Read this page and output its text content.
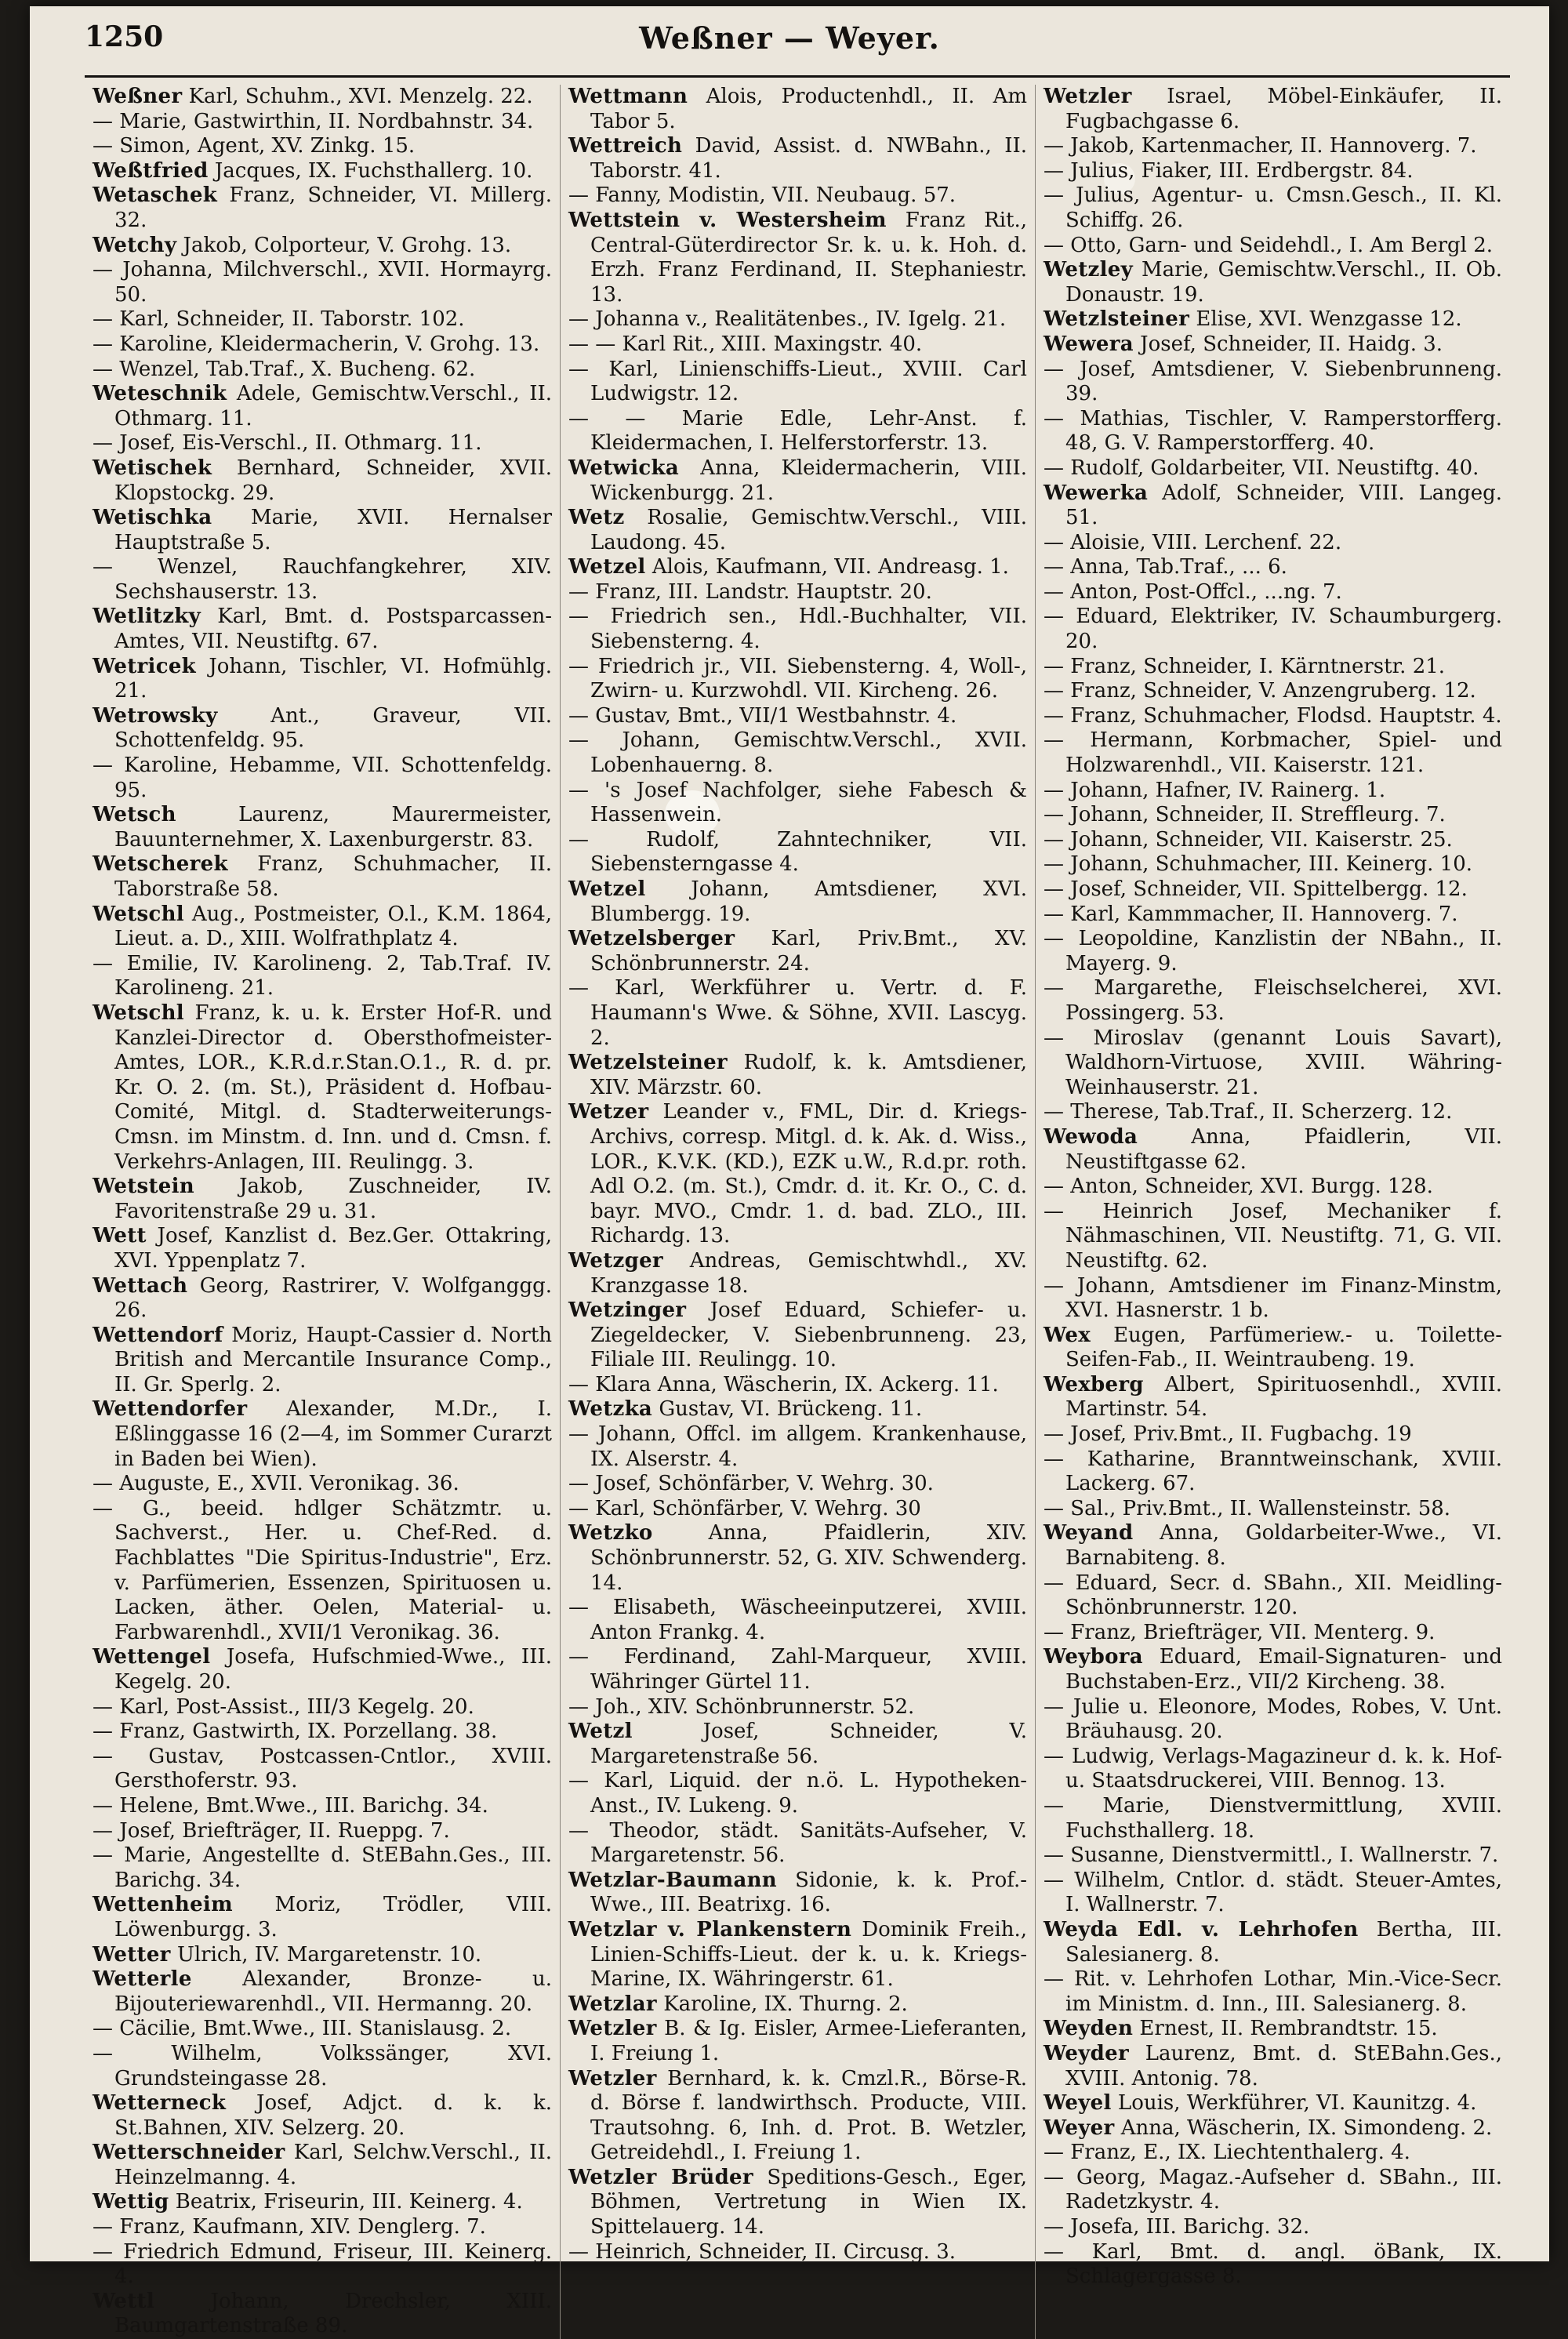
1250	Weßner — Weyer.
Weßner Karl, Schuhm., XVI. Menzelg. 22.
— Marie, Gastwirthin, II. Nordbahnstr. 34.
— Simon, Agent, XV. Zinkg. 15.
Weßtfried Jacques, IX. Fuchsthallerg. 10.
Wetaschek Franz, Schneider, VI. Millerg. 32.
Wetchy Jakob, Colporteur, V. Grohg. 13.
— Johanna, Milchverschl., XVII. Hormayrg. 50.
— Karl, Schneider, II. Taborstr. 102.
— Karoline, Kleidermacherin, V. Grohg. 13.
— Wenzel, Tab.Traf., X. Bucheng. 62.
Weteschnik Adele, Gemischtw.Verschl., II. Othmarg. 11.
— Josef, Eis-Verschl., II. Othmarg. 11.
Wetischek Bernhard, Schneider, XVII. Klopstockg. 29.
Wetischka Marie, XVII. Hernalser Hauptstraße 5.
— Wenzel, Rauchfangkehrer, XIV. Sechshauserstr. 13.
Wetlitzky Karl, Bmt. d. Postsparcassen-Amtes, VII. Neustiftg. 67.
Wetricek Johann, Tischler, VI. Hofmühlg. 21.
Wetrowsky	Ant., Graveur, VII. Schottenfeldg. 95.
— Karoline, Hebamme, VII. Schottenfeldg. 95.
Wetsch	Laurenz, Maurermeister, Bauunternehmer, X. Laxenburgerstr. 83.
Wetscherek Franz, Schuhmacher, II. Taborstraße 58.
Wetschl Aug., Postmeister, O.l., K.M. 1864, Lieut. a. D., XIII. Wolfrathplatz 4.
— Emilie, IV. Karolineng. 2, Tab.Traf. IV. Karolineng. 21.
Wetschl Franz, k. u. k. Erster Hof-R. und Kanzlei-Director d. Obersthofmeister-Amtes, LOR., K.R.d.r.Stan.O.1., R. d. pr. Kr. O. 2. (m. St.), Präsident d. Hofbau-Comité, Mitgl. d. Stadterweiterungs-Cmsn. im Minstm. d. Inn. und d. Cmsn. f. Verkehrs-Anlagen, III. Reulingg. 3.
Wetstein Jakob, Zuschneider, IV. Favoritenstraße 29 u. 31.
Wett Josef, Kanzlist d. Bez.Ger. Ottakring, XVI. Yppenplatz 7.
Wettach Georg, Rastrirer, V. Wolfganggg. 26.
Wettendorf Moriz, Haupt-Cassier d. North British and Mercantile Insurance Comp., II. Gr. Sperlg. 2.
Wettendorfer Alexander, M.Dr., I. Eßlinggasse 16 (2—4, im Sommer Curarzt in Baden bei Wien).
— Auguste, E., XVII. Veronikag. 36.
— G., beeid. hdlger Schätzmtr. u. Sachverst., Her. u. Chef-Red. d. Fachblattes "Die Spiritus-Industrie", Erz. v. Parfümerien, Essenzen, Spirituosen u. Lacken, äther. Oelen, Material- u. Farbwarenhdl., XVII/1 Veronikag. 36.
Wettengel Josefa, Hufschmied-Wwe., III. Kegelg. 20.
— Karl, Post-Assist., III/3 Kegelg. 20.
— Franz, Gastwirth, IX. Porzellang. 38.
— Gustav, Postcassen-Cntlor., XVIII. Gersthoferstr. 93.
— Helene, Bmt.Wwe., III. Barichg. 34.
— Josef, Briefträger, II. Rueppg. 7.
— Marie, Angestellte d. StEBahn.Ges., III. Barichg. 34.
Wettenheim Moriz, Trödler, VIII. Löwenburgg. 3.
Wetter Ulrich, IV. Margaretenstr. 10.
Wetterle Alexander, Bronze- u. Bijouteriewarenhdl., VII. Hermanng. 20.
— Cäcilie, Bmt.Wwe., III. Stanislausg. 2.
— Wilhelm, Volkssänger, XVI. Grundsteingasse 28.
Wetterneck Josef, Adjct. d. k. k. St.Bahnen, XIV. Selzerg. 20.
Wetterschneider Karl, Selchw.Verschl., II. Heinzelmanng. 4.
Wettig Beatrix, Friseurin, III. Keinerg. 4.
— Franz, Kaufmann, XIV. Denglerg. 7.
— Friedrich Edmund, Friseur, III. Keinerg. 4.
Wettl	Johann, Drechsler, XIII. Baumgartenstraße 89.
Wettmann Alois, Productenhdl., II. Am Tabor 5.
Wettreich David, Assist. d. NWBahn., II. Taborstr. 41.
— Fanny, Modistin, VII. Neubaug. 57.
Wettstein v. Westersheim Franz Rit., Central-Güterdirector Sr. k. u. k. Hoh. d. Erzh. Franz Ferdinand, II. Stephaniestr. 13.
— Johanna v., Realitätenbes., IV. Igelg. 21.
— — Karl Rit., XIII. Maxingstr. 40.
— Karl, Linienschiffs-Lieut., XVIII. Carl Ludwigstr. 12.
— — Marie Edle, Lehr-Anst. f. Kleidermachen, I. Helferstorferstr. 13.
Wetwicka Anna, Kleidermacherin, VIII. Wickenburgg. 21.
Wetz Rosalie, Gemischtw.Verschl., VIII. Laudong. 45.
Wetzel Alois, Kaufmann, VII. Andreasg. 1.
— Franz, III. Landstr. Hauptstr. 20.
— Friedrich sen., Hdl.-Buchhalter, VII. Siebensterng. 4.
— Friedrich jr., VII. Siebensterng. 4, Woll-, Zwirn- u. Kurzwohdl. VII. Kircheng. 26.
— Gustav, Bmt., VII/1 Westbahnstr. 4.
— Johann, Gemischtw.Verschl., XVII. Lobenhauerng. 8.
— 's Josef Nachfolger, siehe Fabesch & Hassenwein.
— Rudolf, Zahntechniker, VII. Siebensterngasse 4.
Wetzel Johann, Amtsdiener, XVI. Blumbergg. 19.
Wetzelsberger Karl, Priv.Bmt., XV. Schönbrunnerstr. 24.
— Karl, Werkführer u. Vertr. d. F. Haumann's Wwe. & Söhne, XVII. Lascyg. 2.
Wetzelsteiner Rudolf, k. k. Amtsdiener, XIV. Märzstr. 60.
Wetzer Leander v., FML, Dir. d. Kriegs-Archivs, corresp. Mitgl. d. k. Ak. d. Wiss., LOR., K.V.K. (KD.), EZK u.W., R.d.pr. roth. Adl O.2. (m. St.), Cmdr. d. it. Kr. O., C. d. bayr. MVO., Cmdr. 1. d. bad. ZLO., III. Richardg. 13.
Wetzger Andreas, Gemischtwhdl., XV. Kranzgasse 18.
Wetzinger Josef Eduard, Schiefer- u. Ziegeldecker, V. Siebenbrunneng. 23, Filiale III. Reulingg. 10.
— Klara Anna, Wäscherin, IX. Ackerg. 11.
Wetzka Gustav, VI. Brückeng. 11.
— Johann, Offcl. im allgem. Krankenhause, IX. Alserstr. 4.
— Josef, Schönfärber, V. Wehrg. 30.
— Karl, Schönfärber, V. Wehrg. 30
Wetzko	Anna, Pfaidlerin, XIV. Schönbrunnerstr. 52, G. XIV. Schwenderg. 14.
— Elisabeth, Wäscheeinputzerei, XVIII. Anton Frankg. 4.
— Ferdinand, Zahl-Marqueur, XVIII. Währinger Gürtel 11.
— Joh., XIV. Schönbrunnerstr. 52.
Wetzl	Josef, Schneider, V. Margaretenstraße 56.
— Karl, Liquid. der n.ö. L. Hypotheken-Anst., IV. Lukeng. 9.
— Theodor, städt. Sanitäts-Aufseher, V. Margaretenstr. 56.
Wetzlar-Baumann Sidonie, k. k. Prof.-Wwe., III. Beatrixg. 16.
Wetzlar v. Plankenstern Dominik Freih., Linien-Schiffs-Lieut. der k. u. k. Kriegs-Marine, IX. Währingerstr. 61.
Wetzlar Karoline, IX. Thurng. 2.
Wetzler B. & Ig. Eisler, Armee-Lieferanten, I. Freiung 1.
Wetzler Bernhard, k. k. Cmzl.R., Börse-R. d. Börse f. landwirthsch. Producte, VIII. Trautsohng. 6, Inh. d. Prot. B. Wetzler, Getreidehdl., I. Freiung 1.
Wetzler Brüder Speditions-Gesch., Eger, Böhmen, Vertretung in Wien IX. Spittelauerg. 14.
— Heinrich, Schneider, II. Circusg. 3.
Wetzler Israel, Möbel-Einkäufer, II. Fugbachgasse 6.
— Jakob, Kartenmacher, II. Hannoverg. 7.
— Julius, Fiaker, III. Erdbergstr. 84.
— Julius, Agentur- u. Cmsn.Gesch., II. Kl. Schiffg. 26.
— Otto, Garn- und Seidehdl., I. Am Bergl 2.
Wetzley Marie, Gemischtw.Verschl., II. Ob. Donaustr. 19.
Wetzlsteiner Elise, XVI. Wenzgasse 12.
Wewera Josef, Schneider, II. Haidg. 3.
— Josef, Amtsdiener, V. Siebenbrunneng. 39.
— Mathias, Tischler, V. Ramperstorfferg. 48, G. V. Ramperstorfferg. 40.
— Rudolf, Goldarbeiter, VII. Neustiftg. 40.
Wewerka Adolf, Schneider, VIII. Langeg. 51.
— Aloisie, VIII. Lerchenf. 22.
— Anna, Tab.Traf., ... 6.
— Anton, Post-Offcl., ...ng. 7.
— Eduard, Elektriker, IV. Schaumburgerg. 20.
— Franz, Schneider, I. Kärntnerstr. 21.
— Franz, Schneider, V. Anzengruberg. 12.
— Franz, Schuhmacher, Flodsd. Hauptstr. 4.
— Hermann, Korbmacher, Spiel- und Holzwarenhdl., VII. Kaiserstr. 121.
— Johann, Hafner, IV. Rainerg. 1.
— Johann, Schneider, II. Streffleurg. 7.
— Johann, Schneider, VII. Kaiserstr. 25.
— Johann, Schuhmacher, III. Keinerg. 10.
— Josef, Schneider, VII. Spittelbergg. 12.
— Karl, Kammmacher, II. Hannoverg. 7.
— Leopoldine, Kanzlistin der NBahn., II. Mayerg. 9.
— Margarethe, Fleischselcherei, XVI. Possingerg. 53.
— Miroslav (genannt Louis Savart), Waldhorn-Virtuose, XVIII. Währing-Weinhauserstr. 21.
— Therese, Tab.Traf., II. Scherzerg. 12.
Wewoda	Anna, Pfaidlerin, VII. Neustiftgasse 62.
— Anton, Schneider, XVI. Burgg. 128.
— Heinrich Josef, Mechaniker f. Nähmaschinen, VII. Neustiftg. 71, G. VII. Neustiftg. 62.
— Johann, Amtsdiener im Finanz-Minstm, XVI. Hasnerstr. 1 b.
Wex Eugen, Parfümeriew.- u. Toilette-Seifen-Fab., II. Weintraubeng. 19.
Wexberg Albert, Spirituosenhdl., XVIII. Martinstr. 54.
— Josef, Priv.Bmt., II. Fugbachg. 19
— Katharine, Branntweinschank, XVIII. Lackerg. 67.
— Sal., Priv.Bmt., II. Wallensteinstr. 58.
Weyand Anna, Goldarbeiter-Wwe., VI. Barnabiteng. 8.
— Eduard, Secr. d. SBahn., XII. Meidling-Schönbrunnerstr. 120.
— Franz, Briefträger, VII. Menterg. 9.
Weybora Eduard, Email-Signaturen- und Buchstaben-Erz., VII/2 Kircheng. 38.
— Julie u. Eleonore, Modes, Robes, V. Unt. Bräuhausg. 20.
— Ludwig, Verlags-Magazineur d. k. k. Hof- u. Staatsdruckerei, VIII. Bennog. 13.
— Marie, Dienstvermittlung, XVIII. Fuchsthallerg. 18.
— Susanne, Dienstvermittl., I. Wallnerstr. 7.
— Wilhelm, Cntlor. d. städt. Steuer-Amtes, I. Wallnerstr. 7.
Weyda Edl. v. Lehrhofen Bertha, III. Salesianerg. 8.
— Rit. v. Lehrhofen Lothar, Min.-Vice-Secr. im Ministm. d. Inn., III. Salesianerg. 8.
Weyden Ernest, II. Rembrandtstr. 15.
Weyder Laurenz, Bmt. d. StEBahn.Ges., XVIII. Antonig. 78.
Weyel Louis, Werkführer, VI. Kaunitzg. 4.
Weyer Anna, Wäscherin, IX. Simondeng. 2.
— Franz, E., IX. Liechtenthalerg. 4.
— Georg, Magaz.-Aufseher d. SBahn., III. Radetzkystr. 4.
— Josefa, III. Barichg. 32.
— Karl, Bmt. d. angl. öBank, IX. Schlagergasse 8.
